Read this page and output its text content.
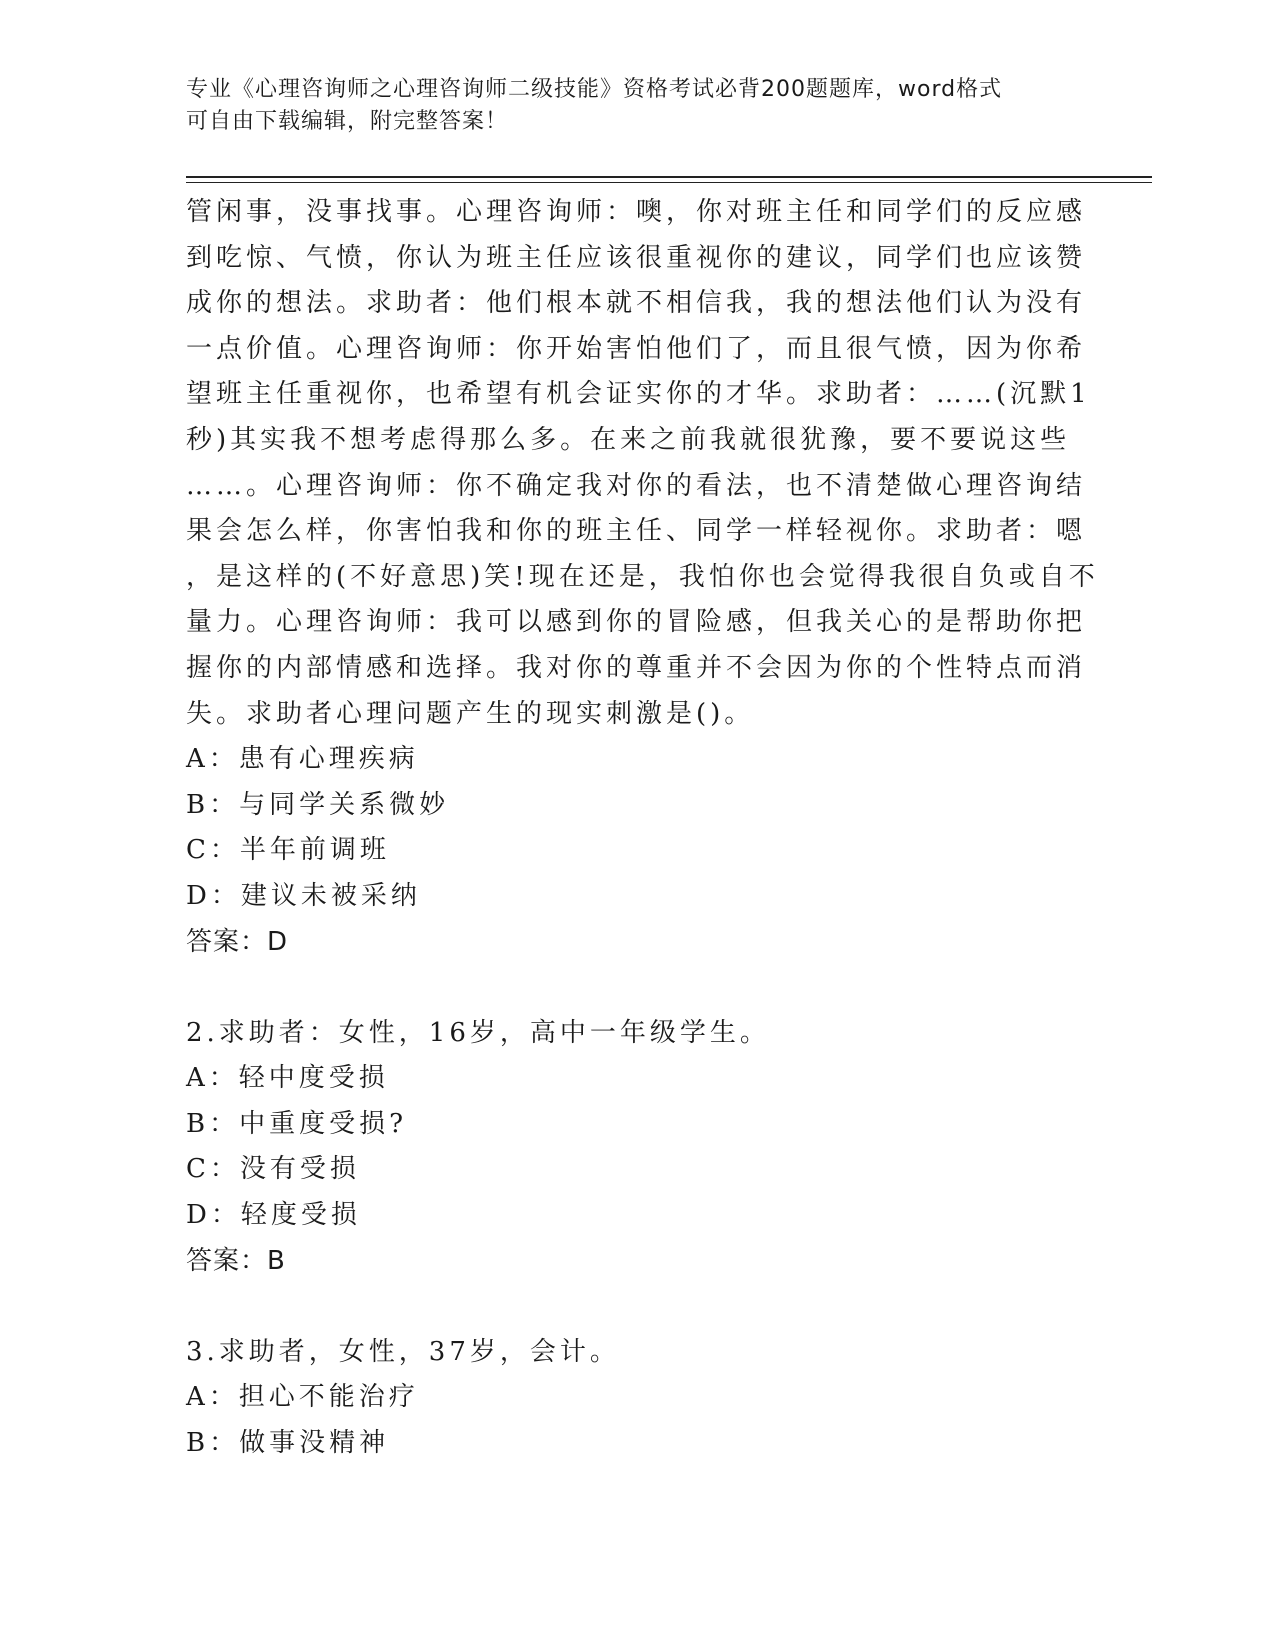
专业《心理咨询师之心理咨询师二级技能》资格考试必背200题题库，word格式
可自由下载编辑，附完整答案！
管闲事，没事找事。心理咨询师：噢，你对班主任和同学们的反应感
到吃惊、气愤，你认为班主任应该很重视你的建议，同学们也应该赞
成你的想法。求助者：他们根本就不相信我，我的想法他们认为没有
一点价值。心理咨询师：你开始害怕他们了，而且很气愤，因为你希
望班主任重视你，也希望有机会证实你的才华。求助者：……(沉默1
秒)其实我不想考虑得那么多。在来之前我就很犹豫，要不要说这些
……。心理咨询师：你不确定我对你的看法，也不清楚做心理咨询结
果会怎么样，你害怕我和你的班主任、同学一样轻视你。求助者：嗯
，是这样的(不好意思)笑!现在还是，我怕你也会觉得我很自负或自不
量力。心理咨询师：我可以感到你的冒险感，但我关心的是帮助你把
握你的内部情感和选择。我对你的尊重并不会因为你的个性特点而消
失。求助者心理问题产生的现实刺激是()。
A：患有心理疾病
B：与同学关系微妙
C：半年前调班
D：建议未被采纳
答案：D
2.求助者：女性，16岁，高中一年级学生。
A：轻中度受损
B：中重度受损?
C：没有受损
D：轻度受损
答案：B
3.求助者，女性，37岁，会计。
A：担心不能治疗
B：做事没精神
